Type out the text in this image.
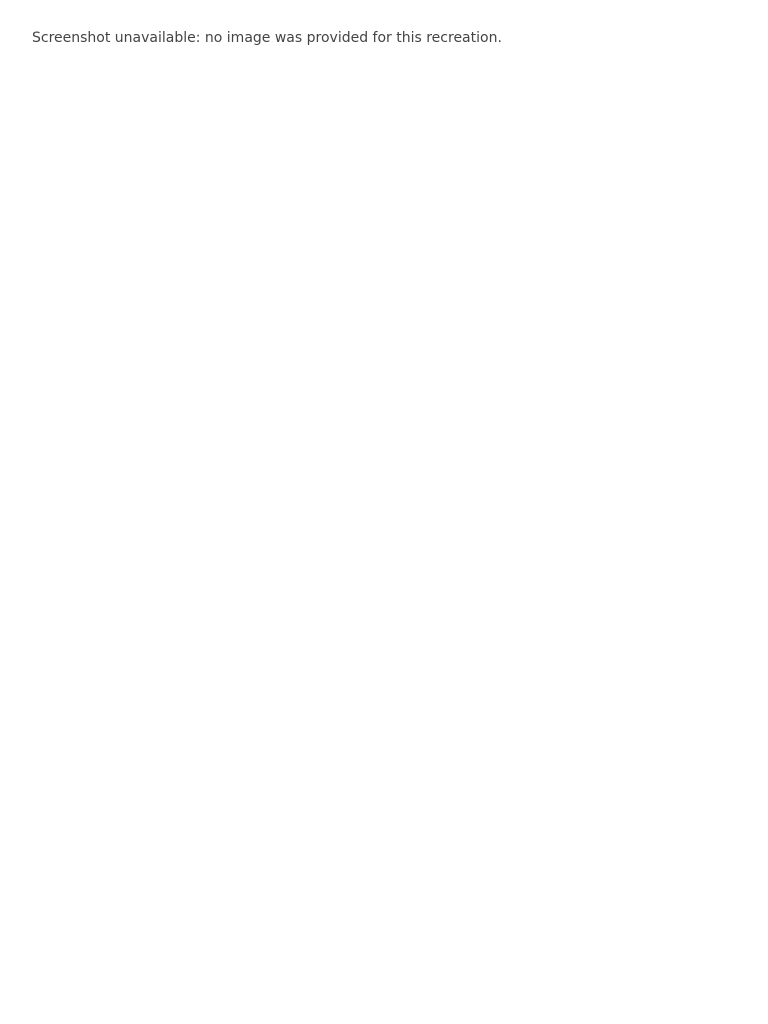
Screenshot unavailable: no image was provided for this recreation.
